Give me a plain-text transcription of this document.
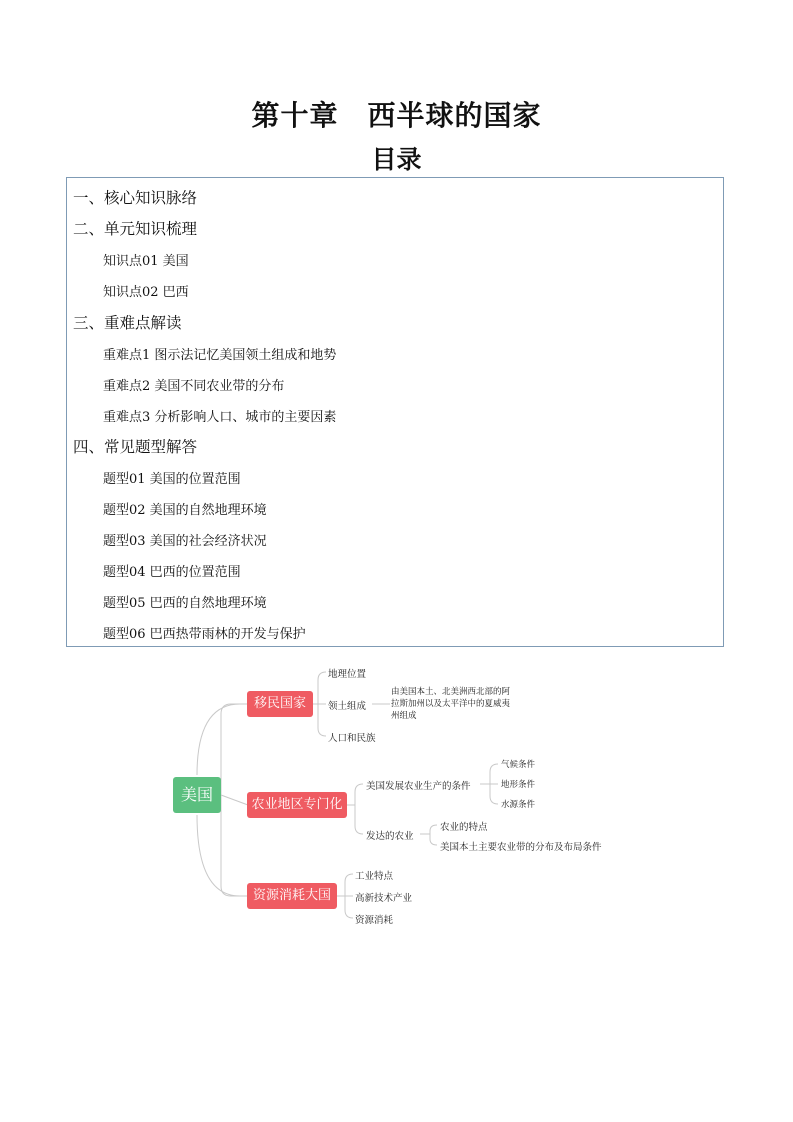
第十章　西半球的国家
目录
一、核心知识脉络
二、单元知识梳理
知识点01 美国
知识点02 巴西
三、重难点解读
重难点1 图示法记忆美国领土组成和地势
重难点2 美国不同农业带的分布
重难点3 分析影响人口、城市的主要因素
四、常见题型解答
题型01 美国的位置范围
题型02 美国的自然地理环境
题型03 美国的社会经济状况
题型04 巴西的位置范围
题型05 巴西的自然地理环境
题型06 巴西热带雨林的开发与保护
美国
移民国家
地理位置
领土组成
由美国本土、北美洲西北部的阿拉斯加州以及太平洋中的夏威夷州组成
人口和民族
农业地区专门化
美国发展农业生产的条件
气候条件
地形条件
水源条件
发达的农业
农业的特点
美国本土主要农业带的分布及布局条件
资源消耗大国
工业特点
高新技术产业
资源消耗
